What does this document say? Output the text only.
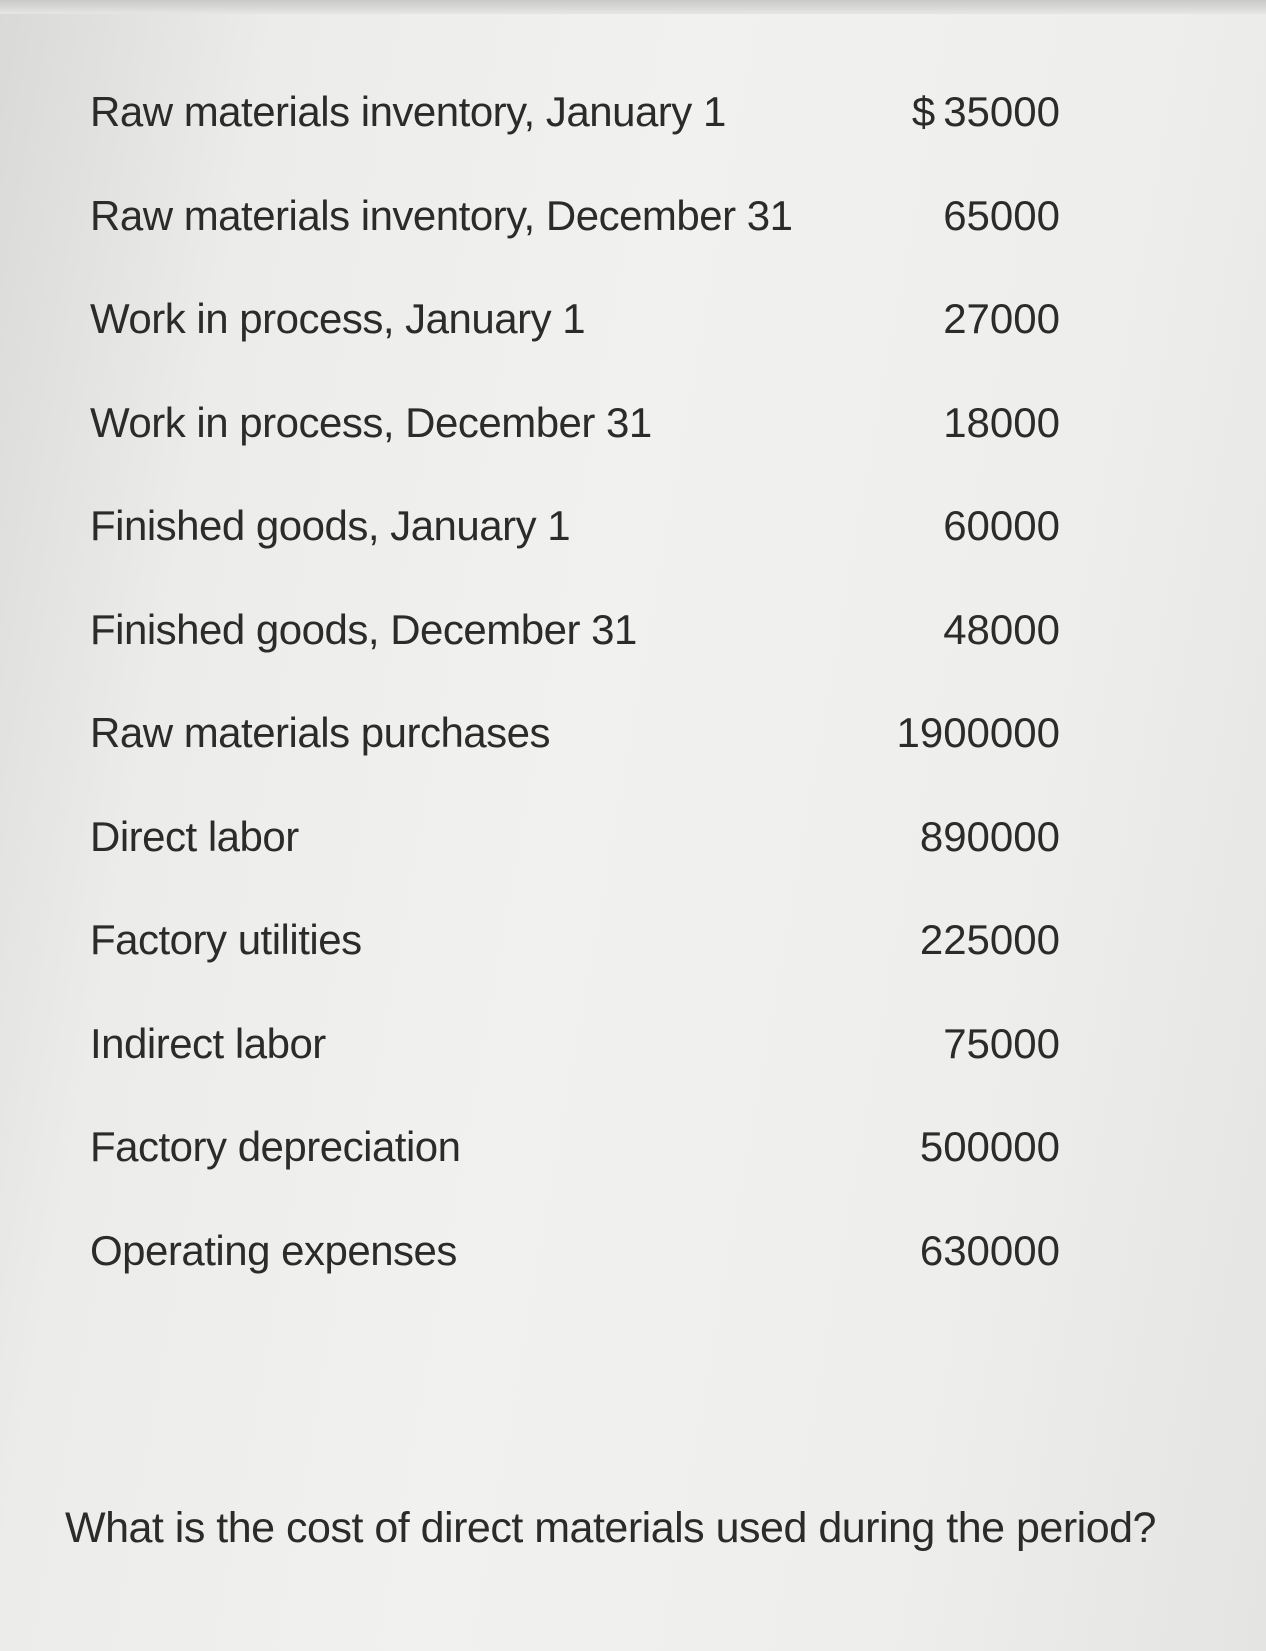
Raw materials inventory, January 1	$ 35000
Raw materials inventory, December 31	65000
Work in process, January 1	27000
Work in process, December 31	18000
Finished goods, January 1	60000
Finished goods, December 31	48000
Raw materials purchases	1900000
Direct labor	890000
Factory utilities	225000
Indirect labor	75000
Factory depreciation	500000
Operating expenses	630000
What is the cost of direct materials used during the period?
